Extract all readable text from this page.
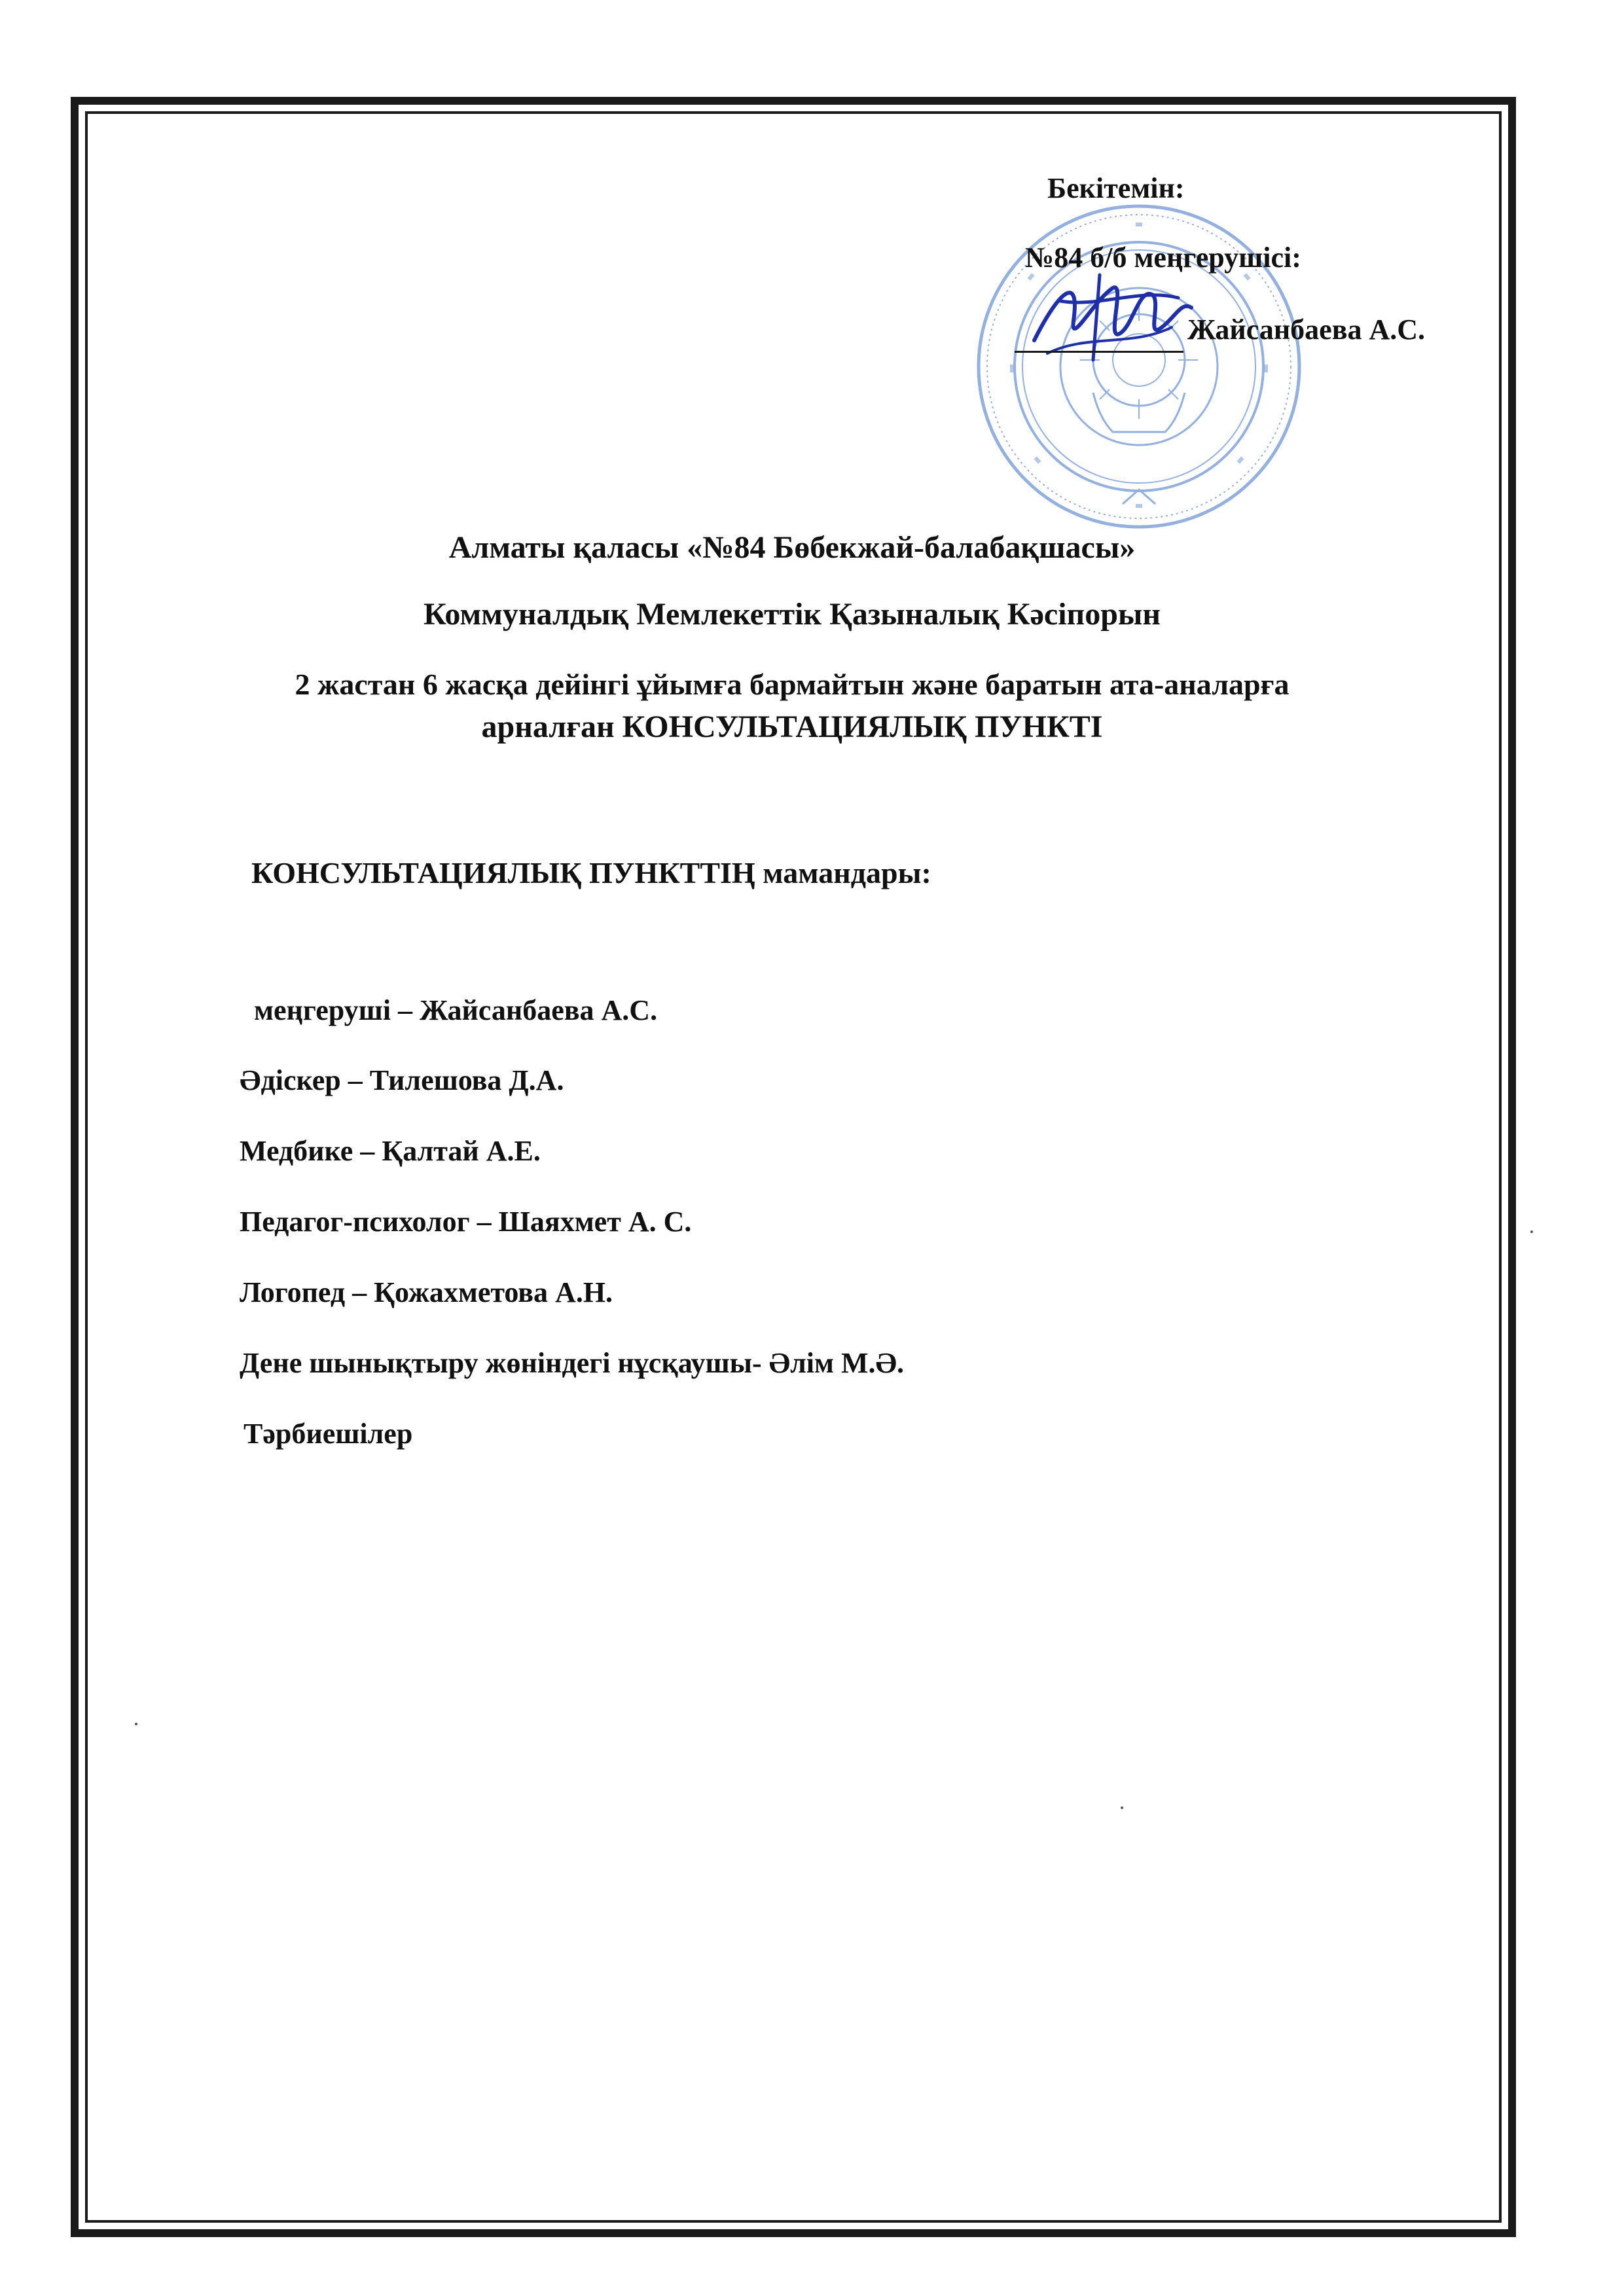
Бекітемін:
№84 б/б меңгерушісі:
Жайсанбаева А.С.
Алматы қаласы «№84 Бөбекжай-балабақшасы»
Коммуналдық Мемлекеттік Қазыналық Кәсіпорын
2 жастан 6 жасқа дейінгі ұйымға бармайтын және баратын ата-аналарға
арналған КОНСУЛЬТАЦИЯЛЫҚ ПУНКТІ
КОНСУЛЬТАЦИЯЛЫҚ ПУНКТТІҢ мамандары:
меңгеруші – Жайсанбаева А.С.
Әдіскер – Тилешова Д.А.
Медбике – Қалтай А.Е.
Педагог-психолог – Шаяхмет А. С.
Логопед – Қожахметова А.Н.
Дене шынықтыру жөніндегі нұсқаушы- Әлім М.Ә.
Тәрбиешілер
